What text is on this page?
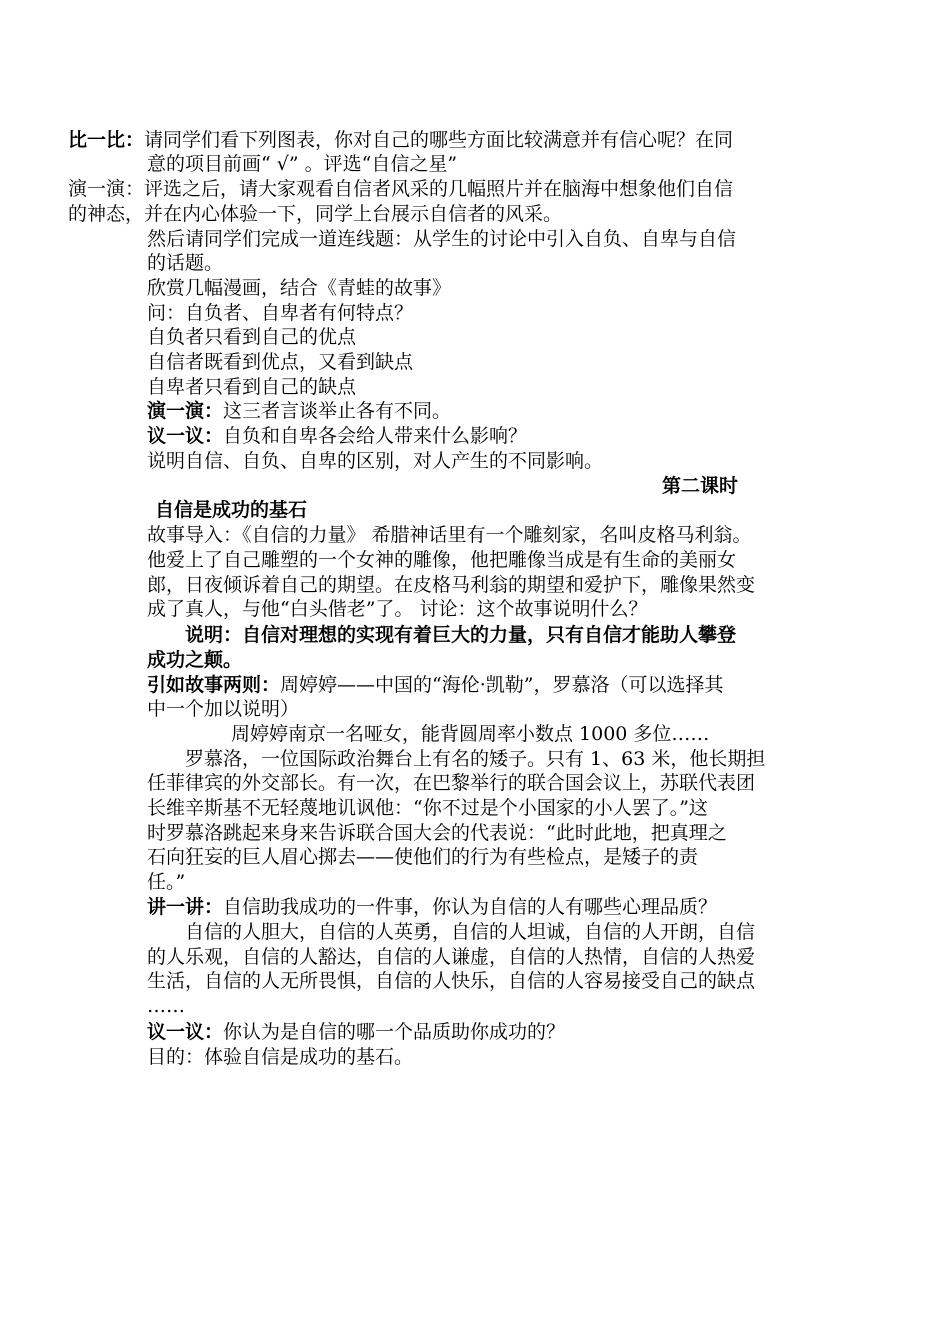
比一比：请同学们看下列图表，你对自己的哪些方面比较满意并有信心呢？在同
意的项目前画“ √” 。评选“自信之星”
演一演：评选之后，请大家观看自信者风采的几幅照片并在脑海中想象他们自信
的神态，并在内心体验一下，同学上台展示自信者的风采。
然后请同学们完成一道连线题：从学生的讨论中引入自负、自卑与自信
的话题。
欣赏几幅漫画，结合《青蛙的故事》
问：自负者、自卑者有何特点？
自负者只看到自己的优点
自信者既看到优点，又看到缺点
自卑者只看到自己的缺点
演一演：这三者言谈举止各有不同。
议一议：自负和自卑各会给人带来什么影响？
说明自信、自负、自卑的区别，对人产生的不同影响。
第二课时
自信是成功的基石
故事导入：《自信的力量》 希腊神话里有一个雕刻家，名叫皮格马利翁。
他爱上了自己雕塑的一个女神的雕像，他把雕像当成是有生命的美丽女
郎，日夜倾诉着自己的期望。在皮格马利翁的期望和爱护下，雕像果然变
成了真人，与他“白头偕老”了。 讨论：这个故事说明什么？
说明：自信对理想的实现有着巨大的力量，只有自信才能助人攀登
成功之颠。
引如故事两则：周婷婷——中国的“海伦·凯勒”，罗慕洛（可以选择其
中一个加以说明）
周婷婷南京一名哑女，能背圆周率小数点 1000 多位……
罗慕洛，一位国际政治舞台上有名的矮子。只有 1、63 米，他长期担
任菲律宾的外交部长。有一次，在巴黎举行的联合国会议上，苏联代表团
长维辛斯基不无轻蔑地讥讽他：“你不过是个小国家的小人罢了。”这
时罗慕洛跳起来身来告诉联合国大会的代表说：“此时此地，把真理之
石向狂妄的巨人眉心掷去——使他们的行为有些检点，是矮子的责
任。”
讲一讲：自信助我成功的一件事，你认为自信的人有哪些心理品质？
自信的人胆大，自信的人英勇，自信的人坦诚，自信的人开朗，自信
的人乐观，自信的人豁达，自信的人谦虚，自信的人热情，自信的人热爱
生活，自信的人无所畏惧，自信的人快乐，自信的人容易接受自己的缺点
……
议一议：你认为是自信的哪一个品质助你成功的？
目的：体验自信是成功的基石。
